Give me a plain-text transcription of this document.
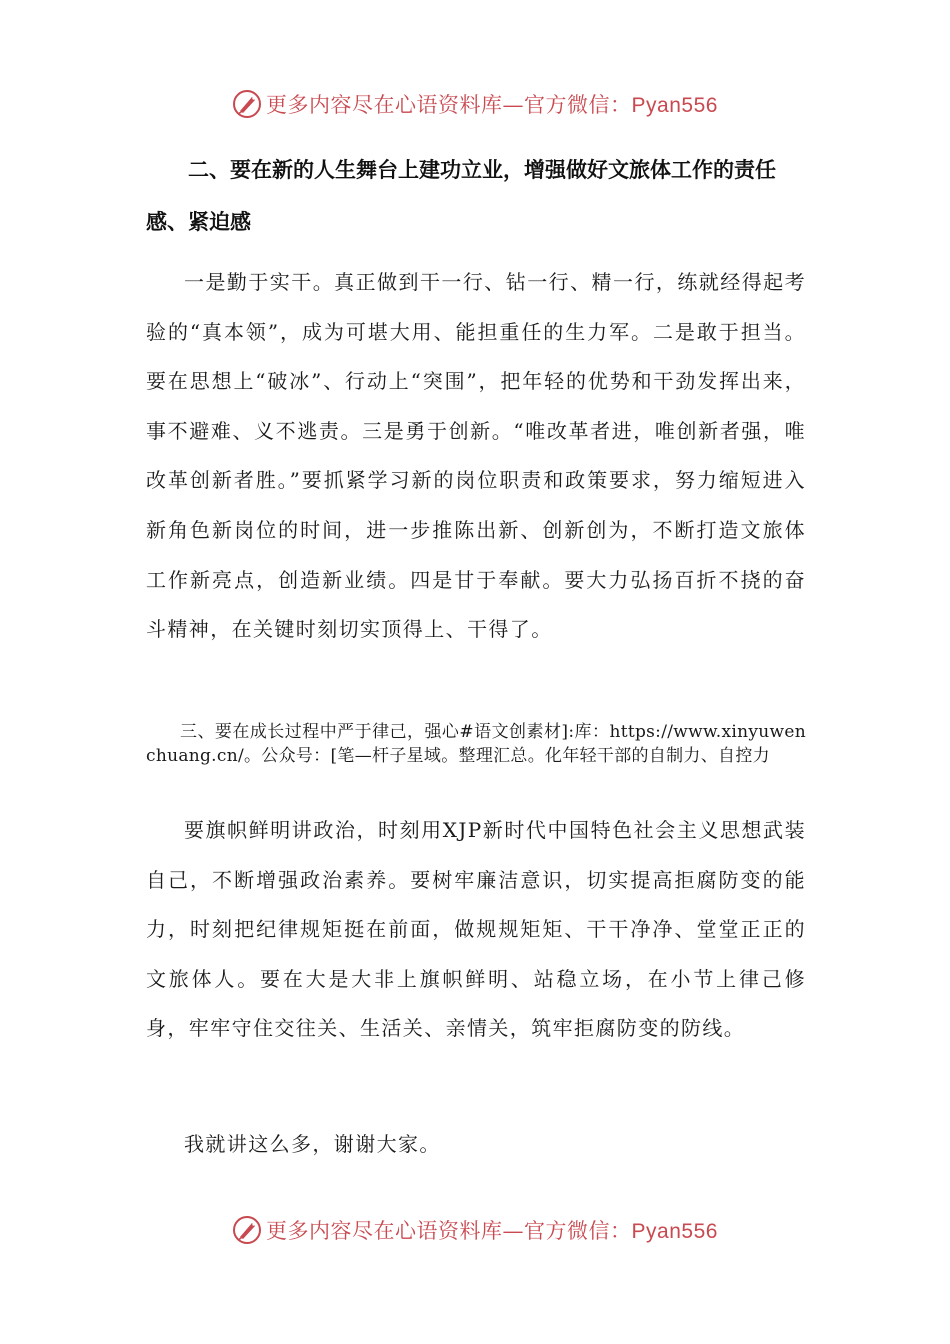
更多内容尽在心语资料库—官方微信：Pyan556

二、要在新的人生舞台上建功立业，增强做好文旅体工作的责任感、紧迫感

一是勤于实干。真正做到干一行、钻一行、精一行，练就经得起考验的“真本领”，成为可堪大用、能担重任的生力军。二是敢于担当。要在思想上“破冰”、行动上“突围”，把年轻的优势和干劲发挥出来，事不避难、义不逃责。三是勇于创新。“唯改革者进，唯创新者强，唯改革创新者胜。”要抓紧学习新的岗位职责和政策要求，努力缩短进入新角色新岗位的时间，进一步推陈出新、创新创为，不断打造文旅体工作新亮点，创造新业绩。四是甘于奉献。要大力弘扬百折不挠的奋斗精神，在关键时刻切实顶得上、干得了。

三、要在成长过程中严于律己，强心#语文创素材]:库：https://www.xinyuwenchuang.cn/。公众号：[笔—杆子星域。整理汇总。化年轻干部的自制力、自控力

要旗帜鲜明讲政治，时刻用XJP新时代中国特色社会主义思想武装自己，不断增强政治素养。要树牢廉洁意识，切实提高拒腐防变的能力，时刻把纪律规矩挺在前面，做规规矩矩、干干净净、堂堂正正的文旅体人。要在大是大非上旗帜鲜明、站稳立场，在小节上律己修身，牢牢守住交往关、生活关、亲情关，筑牢拒腐防变的防线。

我就讲这么多，谢谢大家。

更多内容尽在心语资料库—官方微信：Pyan556
